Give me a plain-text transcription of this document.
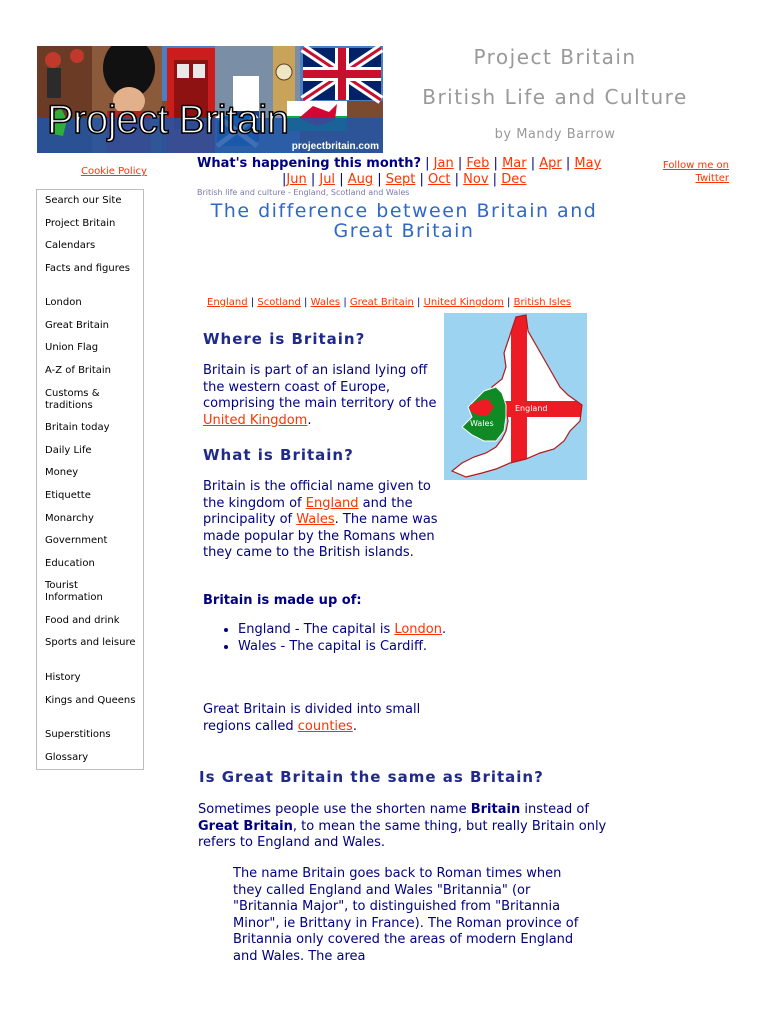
Project Britain
projectbritain.com
Project Britain
British Life and Culture
by Mandy Barrow
Cookie Policy
What's happening this month? | Jan | Feb | Mar | Apr | May
|Jun | Jul | Aug | Sept | Oct | Nov | Dec
Follow me on Twitter
British life and culture - England, Scotland and Wales
Search our Site
Project Britain
Calendars
Facts and figures
London
Great Britain
Union Flag
A-Z of Britain
Customs & traditions
Britain today
Daily Life
Money
Etiquette
Monarchy
Government
Education
Tourist Information
Food and drink
Sports and leisure
History
Kings and Queens
Superstitions
Glossary
The difference between Britain and Great Britain
England | Scotland | Wales | Great Britain | United Kingdom | British Isles
Where is Britain?

Britain is part of an island lying off the western coast of Europe, comprising the main territory of the United Kingdom.

What is Britain?

Britain is the official name given to the kingdom of England and the principality of Wales. The name was made popular by the Romans when they came to the British islands.

Britain is made up of:

• England - The capital is London.
• Wales - The capital is Cardiff.

Great Britain is divided into small regions called counties.

Is Great Britain the same as Britain?

Sometimes people use the shorten name Britain instead of Great Britain, to mean the same thing, but really Britain only refers to England and Wales.

The name Britain goes back to Roman times when they called England and Wales "Britannia" (or "Britannia Major", to distinguished from "Britannia Minor", ie Brittany in France). The Roman province of Britannia only covered the areas of modern England and Wales. The area

England
Wales
